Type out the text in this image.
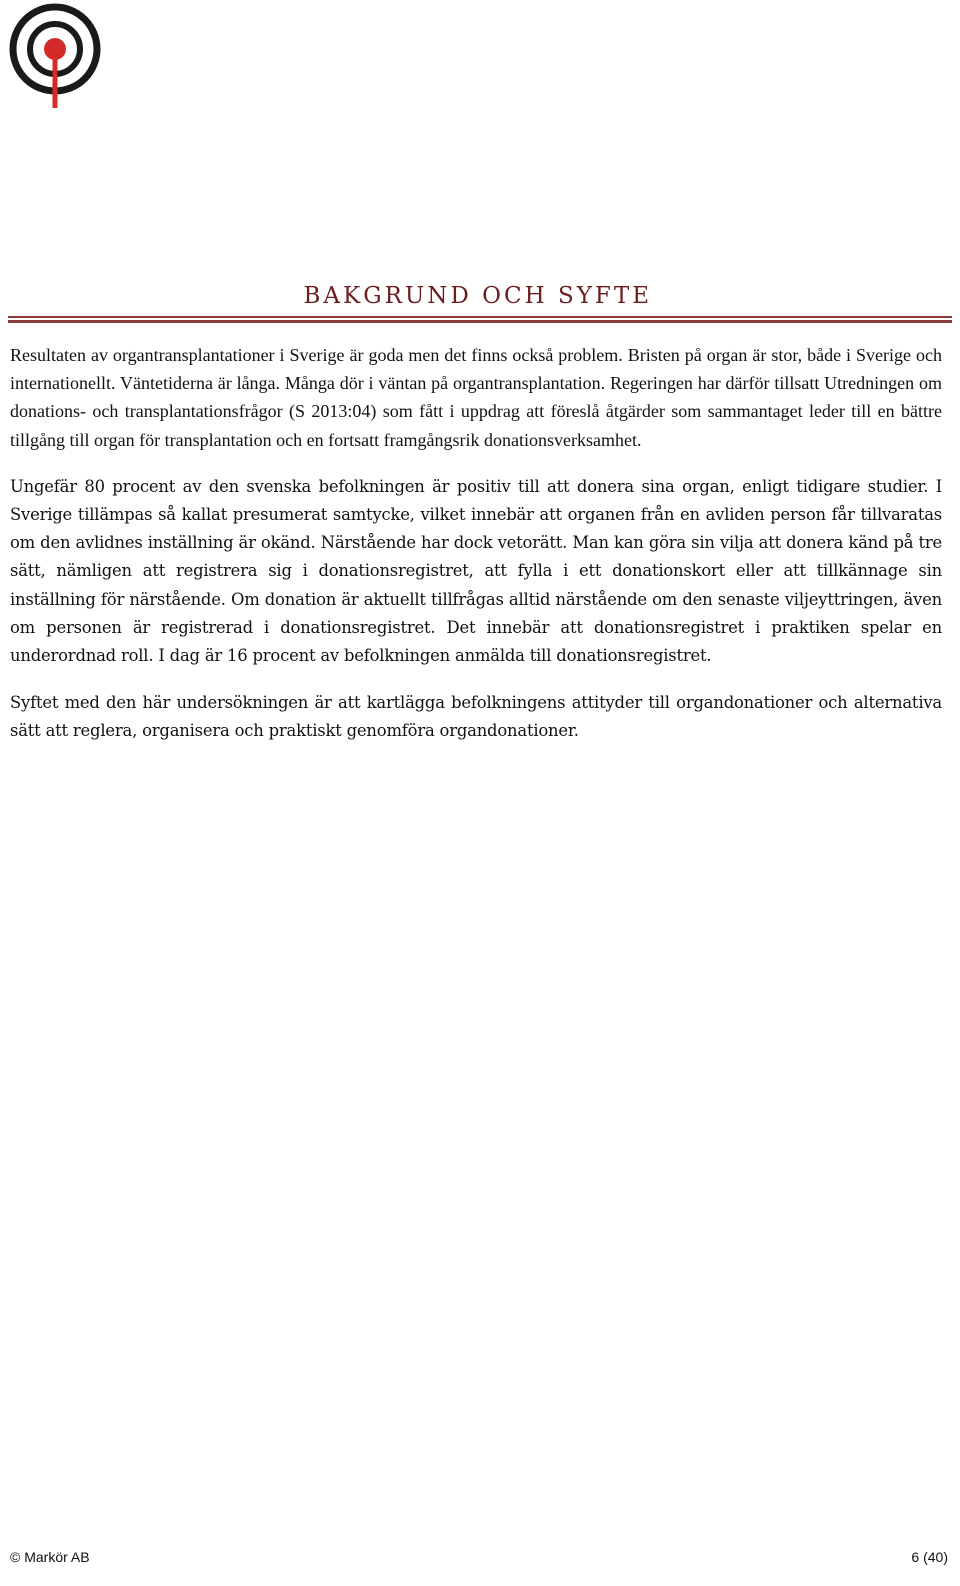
BAKGRUND OCH SYFTE

Resultaten av organtransplantationer i Sverige är goda men det finns också problem. Bristen på organ är stor, både i Sverige och internationellt. Väntetiderna är långa. Många dör i väntan på organtransplantation. Regeringen har därför tillsatt Utredningen om donations- och transplantationsfrågor (S 2013:04) som fått i uppdrag att föreslå åtgärder som sammantaget leder till en bättre tillgång till organ för transplantation och en fortsatt framgångsrik donationsverksamhet.

Ungefär 80 procent av den svenska befolkningen är positiv till att donera sina organ, enligt tidigare studier. I Sverige tillämpas så kallat presumerat samtycke, vilket innebär att organen från en avliden person får tillvaratas om den avlidnes inställning är okänd. Närstående har dock vetorätt. Man kan göra sin vilja att donera känd på tre sätt, nämligen att registrera sig i donationsregistret, att fylla i ett donationskort eller att tillkännage sin inställning för närstående. Om donation är aktuellt tillfrågas alltid närstående om den senaste viljeyttringen, även om personen är registrerad i donationsregistret. Det innebär att donationsregistret i praktiken spelar en underordnad roll. I dag är 16 procent av befolkningen anmälda till donationsregistret.

Syftet med den här undersökningen är att kartlägga befolkningens attityder till organdonationer och alternativa sätt att reglera, organisera och praktiskt genomföra organdonationer.

© Markör AB	6 (40)
